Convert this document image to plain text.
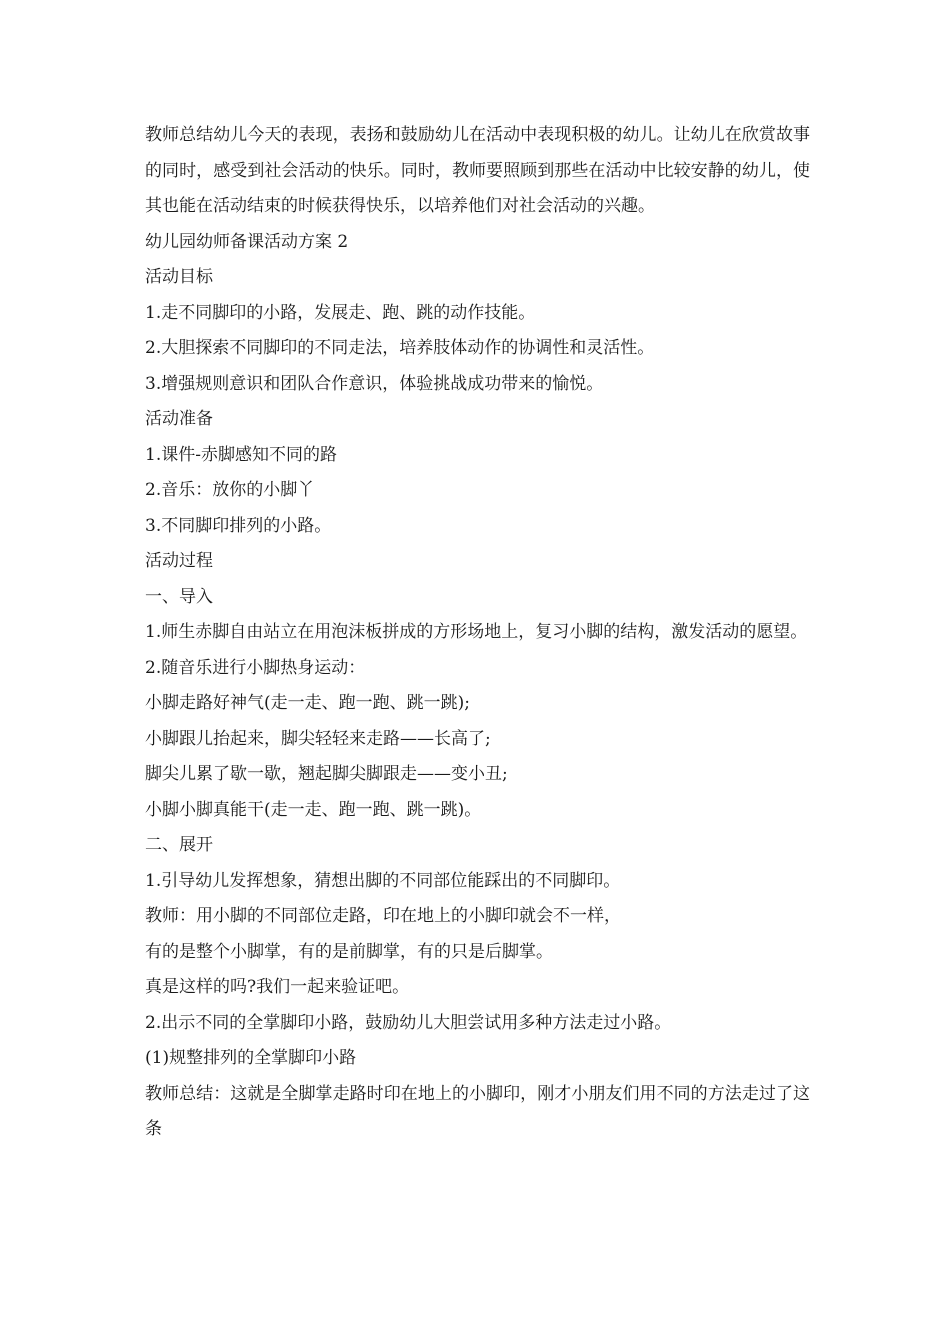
教师总结幼儿今天的表现，表扬和鼓励幼儿在活动中表现积极的幼儿。让幼儿在欣赏故事的同时，感受到社会活动的快乐。同时，教师要照顾到那些在活动中比较安静的幼儿，使其也能在活动结束的时候获得快乐，以培养他们对社会活动的兴趣。

幼儿园幼师备课活动方案 2

活动目标

1.走不同脚印的小路，发展走、跑、跳的动作技能。

2.大胆探索不同脚印的不同走法，培养肢体动作的协调性和灵活性。

3.增强规则意识和团队合作意识，体验挑战成功带来的愉悦。

活动准备

1.课件-赤脚感知不同的路

2.音乐：放你的小脚丫

3.不同脚印排列的小路。

活动过程

一、导入

1.师生赤脚自由站立在用泡沫板拼成的方形场地上，复习小脚的结构，激发活动的愿望。

2.随音乐进行小脚热身运动：

小脚走路好神气(走一走、跑一跑、跳一跳);

小脚跟儿抬起来，脚尖轻轻来走路——长高了;

脚尖儿累了歇一歇，翘起脚尖脚跟走——变小丑;

小脚小脚真能干(走一走、跑一跑、跳一跳)。

二、展开

1.引导幼儿发挥想象，猜想出脚的不同部位能踩出的不同脚印。

教师：用小脚的不同部位走路，印在地上的小脚印就会不一样，

有的是整个小脚掌，有的是前脚掌，有的只是后脚掌。

真是这样的吗?我们一起来验证吧。

2.出示不同的全掌脚印小路，鼓励幼儿大胆尝试用多种方法走过小路。

(1)规整排列的全掌脚印小路

教师总结：这就是全脚掌走路时印在地上的小脚印，刚才小朋友们用不同的方法走过了这条
